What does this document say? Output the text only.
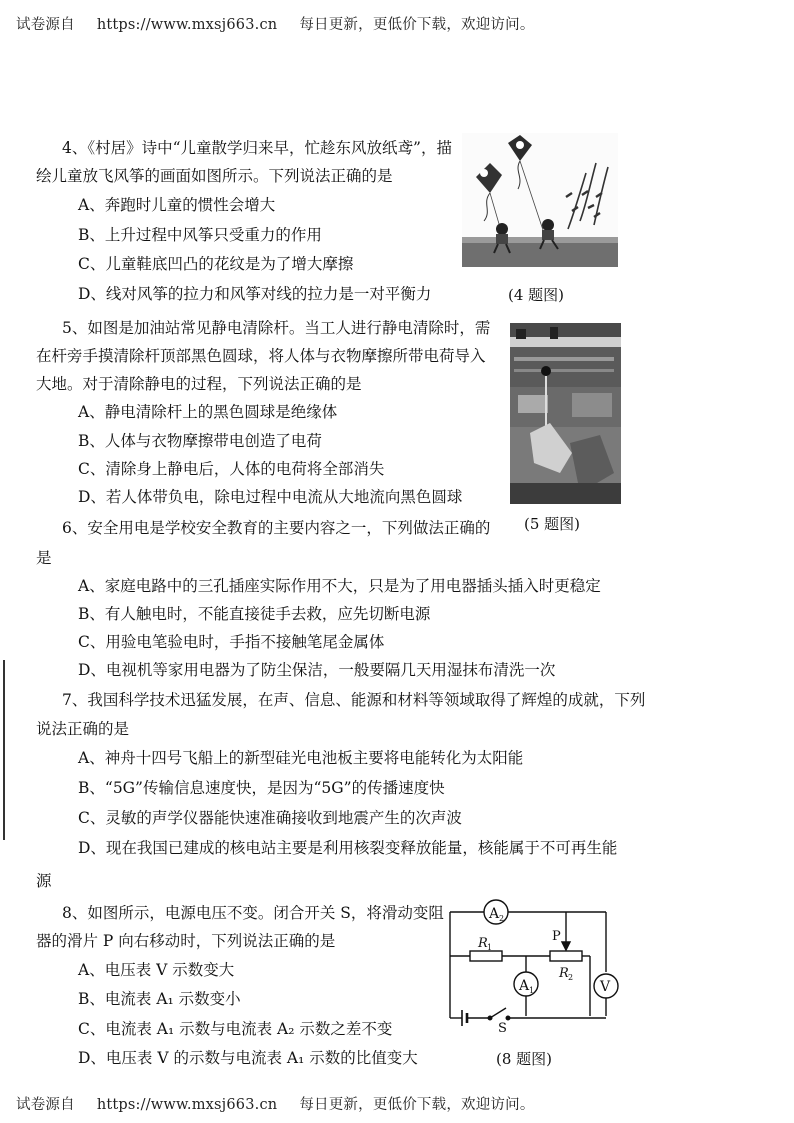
试卷源自 https://www.mxsj663.cn 每日更新，更低价下载，欢迎访问。
4、《村居》诗中“儿童散学归来早，忙趁东风放纸鸢”，描
绘儿童放飞风筝的画面如图所示。下列说法正确的是
A、奔跑时儿童的惯性会增大
B、上升过程中风筝只受重力的作用
C、儿童鞋底凹凸的花纹是为了增大摩擦
D、线对风筝的拉力和风筝对线的拉力是一对平衡力	(4 题图)
5、如图是加油站常见静电清除杆。当工人进行静电清除时，需
在杆旁手摸清除杆顶部黑色圆球，将人体与衣物摩擦所带电荷导入
大地。对于清除静电的过程，下列说法正确的是
A、静电清除杆上的黑色圆球是绝缘体
B、人体与衣物摩擦带电创造了电荷
C、清除身上静电后，人体的电荷将全部消失
D、若人体带负电，除电过程中电流从大地流向黑色圆球
(5 题图)
6、安全用电是学校安全教育的主要内容之一，下列做法正确的
是
A、家庭电路中的三孔插座实际作用不大，只是为了用电器插头插入时更稳定
B、有人触电时，不能直接徒手去救，应先切断电源
C、用验电笔验电时，手指不接触笔尾金属体
D、电视机等家用电器为了防尘保洁，一般要隔几天用湿抹布清洗一次
7、我国科学技术迅猛发展，在声、信息、能源和材料等领域取得了辉煌的成就，下列
说法正确的是
A、神舟十四号飞船上的新型硅光电池板主要将电能转化为太阳能
B、“5G”传输信息速度快，是因为“5G”的传播速度快
C、灵敏的声学仪器能快速准确接收到地震产生的次声波
D、现在我国已建成的核电站主要是利用核裂变释放能量，核能属于不可再生能
源
8、如图所示，电源电压不变。闭合开关 S，将滑动变阻
器的滑片 P 向右移动时，下列说法正确的是
A、电压表 V 示数变大
B、电流表 A₁ 示数变小
C、电流表 A₁ 示数与电流表 A₂ 示数之差不变
D、电压表 V 的示数与电流表 A₁ 示数的比值变大	(8 题图)
A 2
R 1
R 2
P
A 1	V
S
试卷源自 https://www.mxsj663.cn 每日更新，更低价下载，欢迎访问。
